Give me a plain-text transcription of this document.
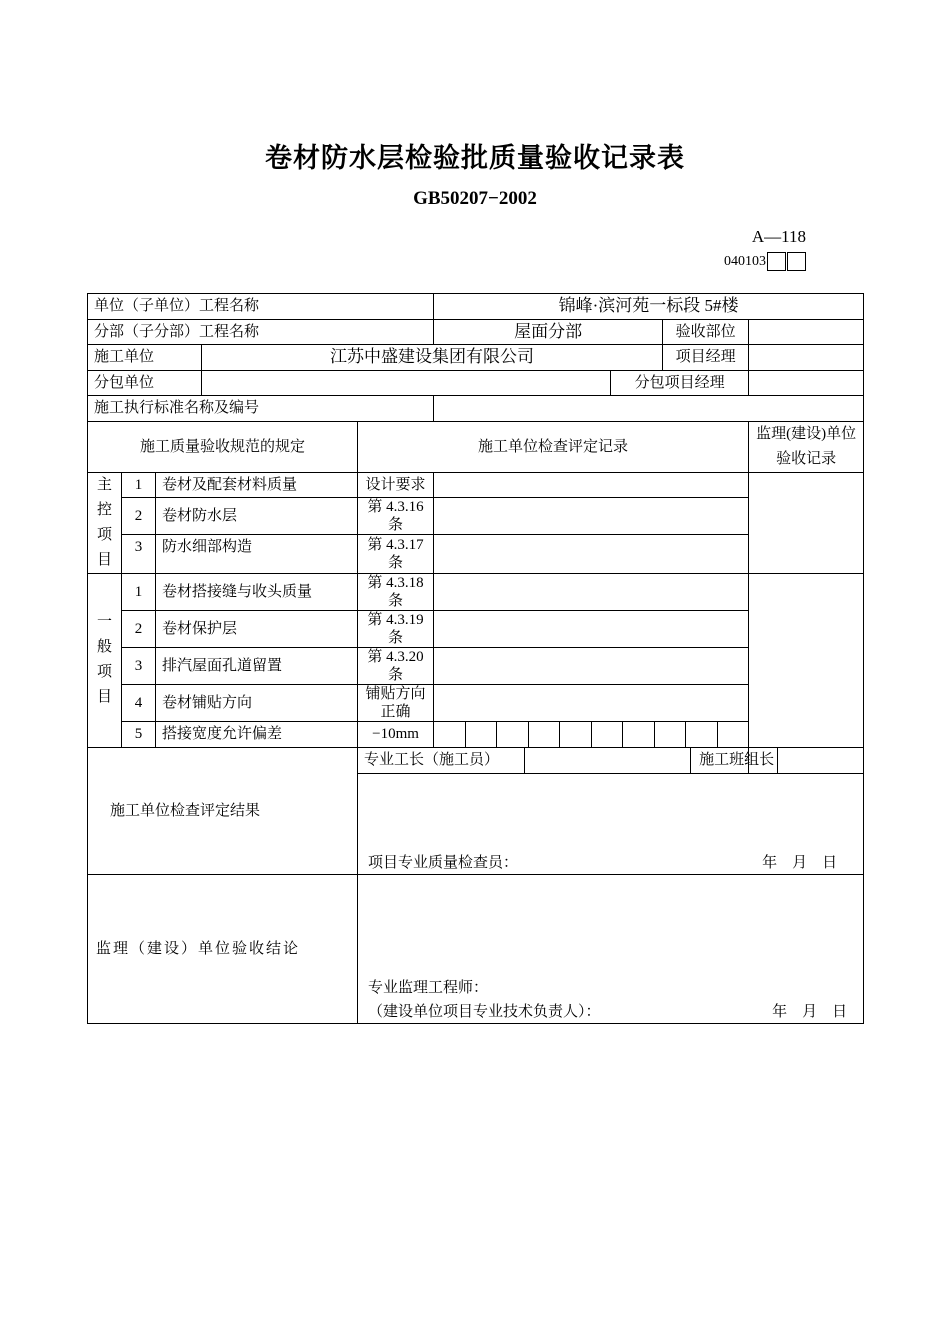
卷材防水层检验批质量验收记录表
GB50207−2002
A—118
040103
单位（子单位）工程名称					锦峰·滨河苑一标段 5#楼					
分部（子分部）工程名称					屋面分部			验收部位		
施工单位			江苏中盛建设集团有限公司					项目经理		
分包单位							分包项目经理			
施工执行标准名称及编号										
施工质量验收规范的规定				施工单位检查评定记录						监理(建设)单位验收记录

主控项目	1	卷材及配套材料质量		设计要求						
	2	卷材防水层		第 4.3.16 条						
	3	防水细部构造		第 4.3.17 条						

一般项目	1	卷材搭接缝与收头质量		第 4.3.18 条						
	2	卷材保护层		第 4.3.19 条						
	3	排汽屋面孔道留置		第 4.3.20 条						
	4	卷材铺贴方向		铺贴方向正确						
	5	搭接宽度允许偏差		−10mm						

施工单位检查评定结果				专业工长（施工员）					施工班组长	

				项目专业质量检查员： 年　月　日						

监理（建设）单位验收结论				专业监理工程师：
（建设单位项目专业技术负责人）： 年　月　日						
